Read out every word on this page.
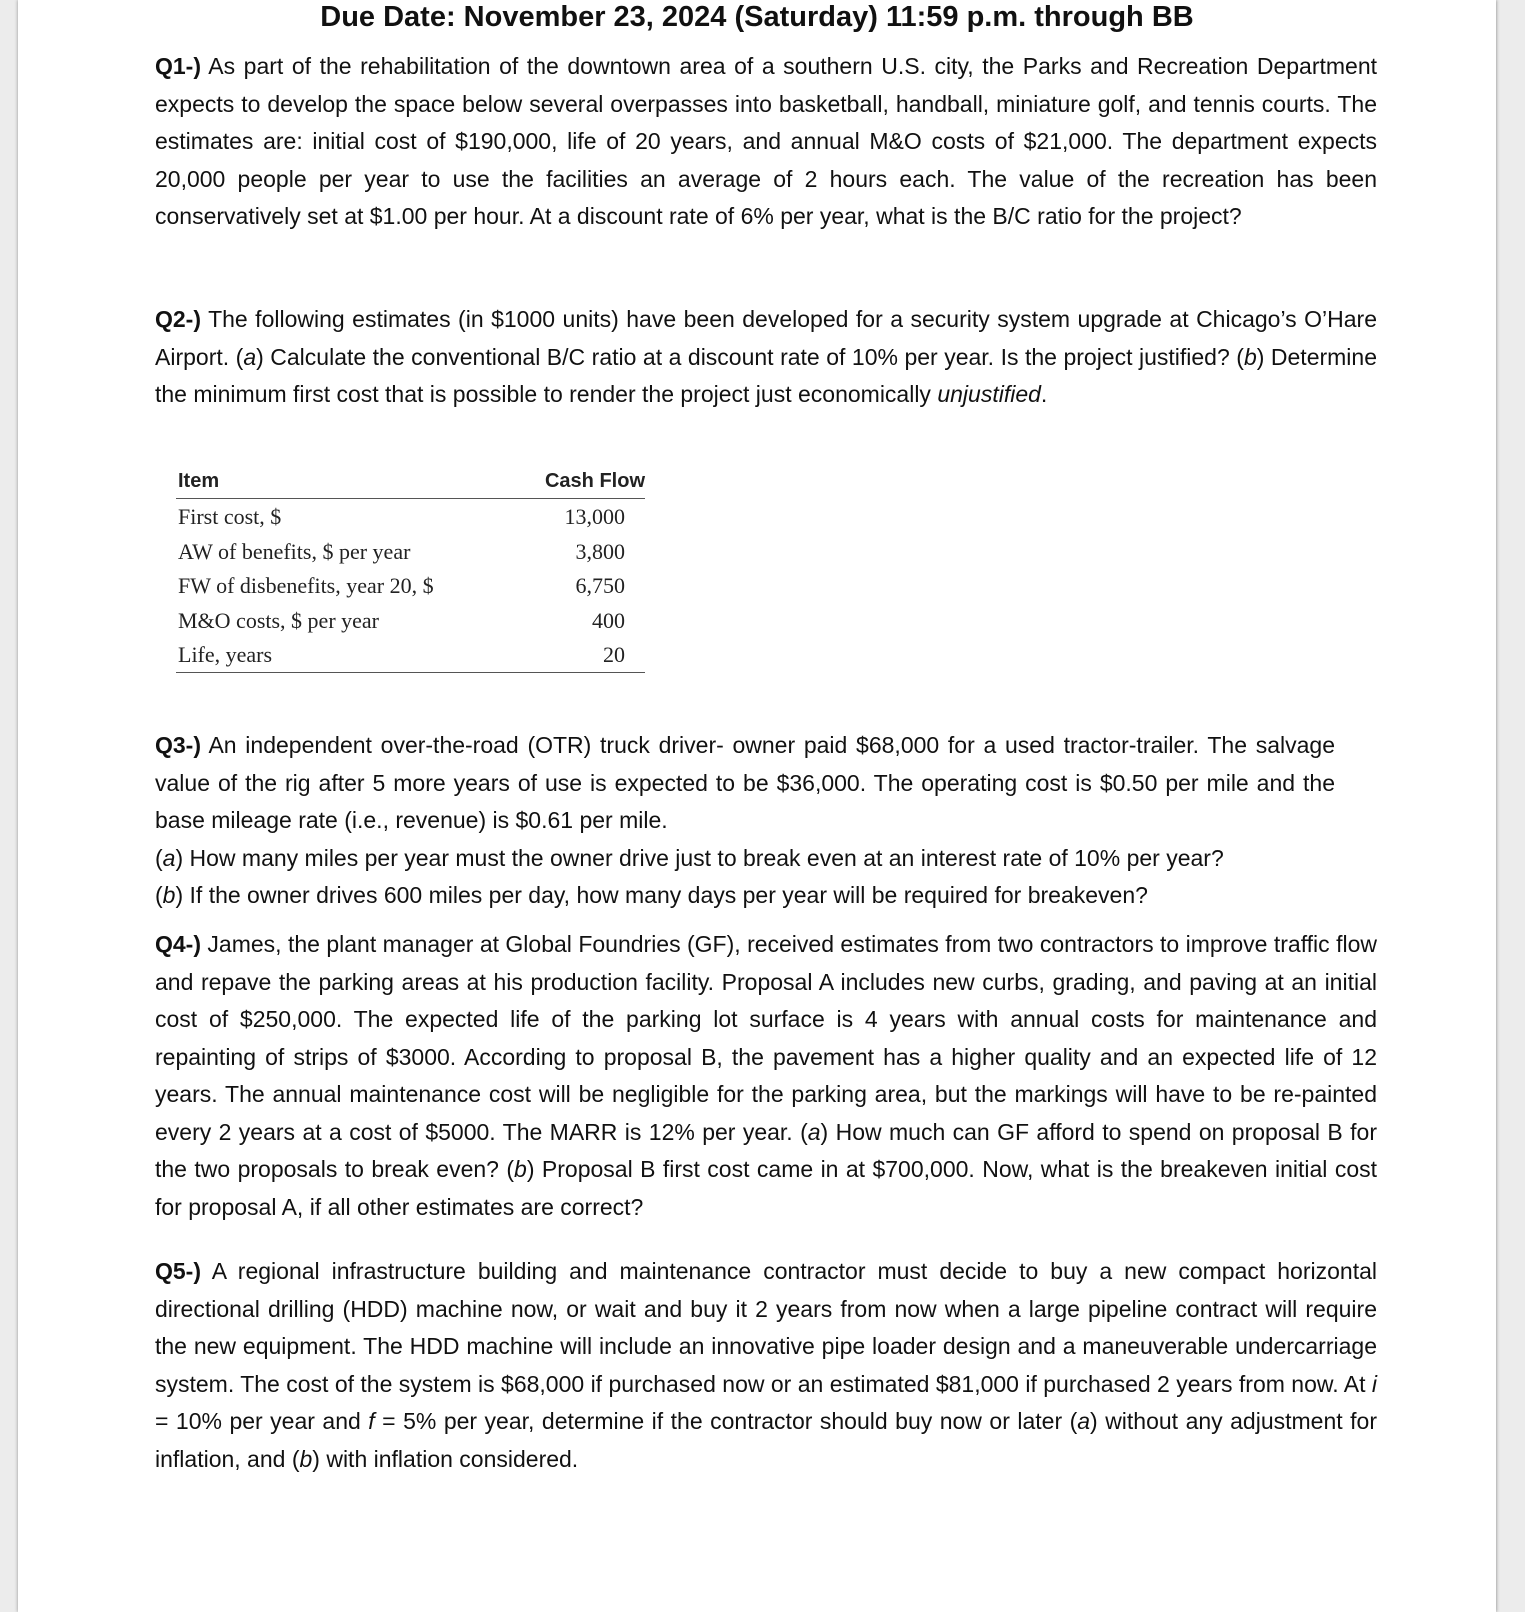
Due Date: November 23, 2024 (Saturday) 11:59 p.m. through BB

Q1-) As part of the rehabilitation of the downtown area of a southern U.S. city, the Parks and Recreation Department expects to develop the space below several overpasses into basketball, handball, miniature golf, and tennis courts. The estimates are: initial cost of $190,000, life of 20 years, and annual M&O costs of $21,000. The department expects 20,000 people per year to use the facilities an average of 2 hours each. The value of the recreation has been conservatively set at $1.00 per hour. At a discount rate of 6% per year, what is the B/C ratio for the project?

Q2-) The following estimates (in $1000 units) have been developed for a security system upgrade at Chicago’s O’Hare Airport. (a) Calculate the conventional B/C ratio at a discount rate of 10% per year. Is the project justified? (b) Determine the minimum first cost that is possible to render the project just economically unjustified.

Item	Cash Flow
First cost, $	13,000
AW of benefits, $ per year	3,800
FW of disbenefits, year 20, $	6,750
M&O costs, $ per year	400
Life, years	20
Q3-) An independent over-the-road (OTR) truck driver- owner paid $68,000 for a used tractor-trailer. The salvage value of the rig after 5 more years of use is expected to be $36,000. The operating cost is $0.50 per mile and the base mileage rate (i.e., revenue) is $0.61 per mile.
(a) How many miles per year must the owner drive just to break even at an interest rate of 10% per year?
(b) If the owner drives 600 miles per day, how many days per year will be required for breakeven?

Q4-) James, the plant manager at Global Foundries (GF), received estimates from two contractors to improve traffic flow and repave the parking areas at his production facility. Proposal A includes new curbs, grading, and paving at an initial cost of $250,000. The expected life of the parking lot surface is 4 years with annual costs for maintenance and repainting of strips of $3000. According to proposal B, the pavement has a higher quality and an expected life of 12 years. The annual maintenance cost will be negligible for the parking area, but the markings will have to be re-painted every 2 years at a cost of $5000. The MARR is 12% per year. (a) How much can GF afford to spend on proposal B for the two proposals to break even? (b) Proposal B first cost came in at $700,000. Now, what is the breakeven initial cost for proposal A, if all other estimates are correct?

Q5-) A regional infrastructure building and maintenance contractor must decide to buy a new compact horizontal directional drilling (HDD) machine now, or wait and buy it 2 years from now when a large pipeline contract will require the new equipment. The HDD machine will include an innovative pipe loader design and a maneuverable undercarriage system. The cost of the system is $68,000 if purchased now or an estimated $81,000 if purchased 2 years from now. At i = 10% per year and f = 5% per year, determine if the contractor should buy now or later (a) without any adjustment for inflation, and (b) with inflation considered.
